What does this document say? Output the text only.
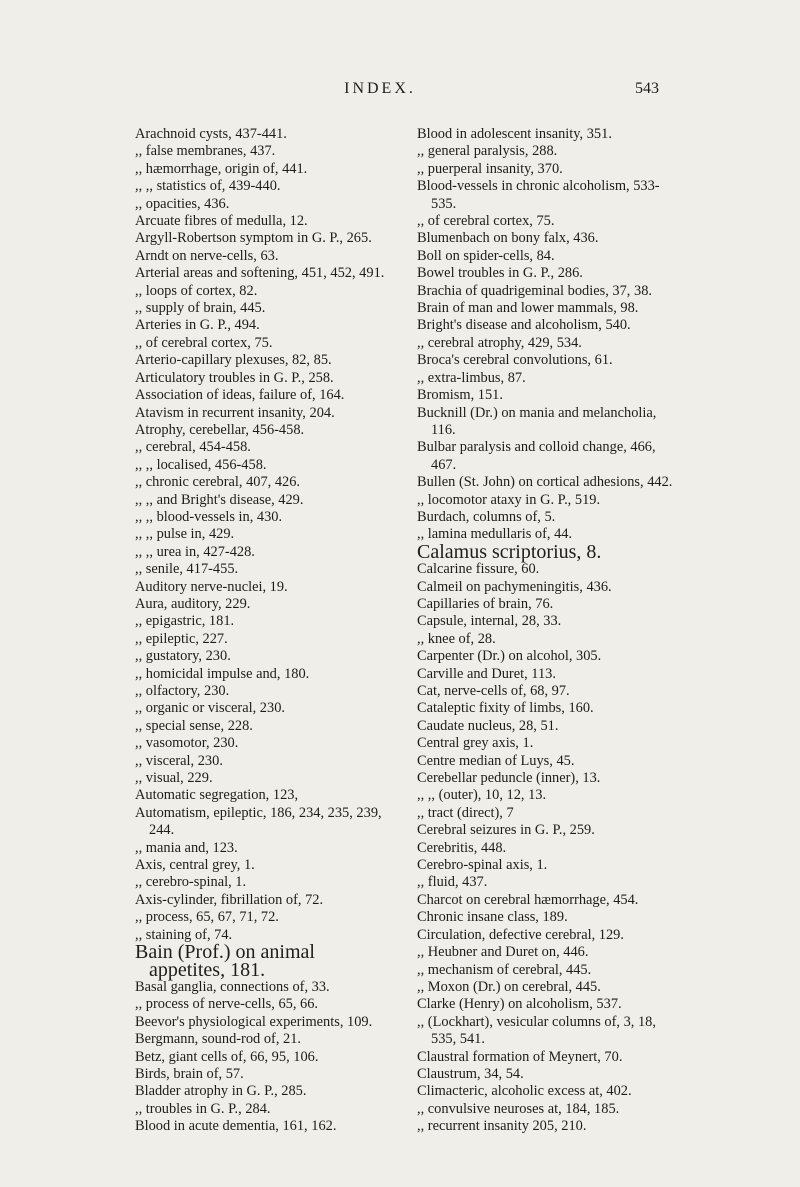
INDEX.	543
Arachnoid cysts, 437-441.
,, false membranes, 437.
,, hæmorrhage, origin of, 441.
,, ,, statistics of, 439-440.
,, opacities, 436.
Arcuate fibres of medulla, 12.
Argyll-Robertson symptom in G. P., 265.
Arndt on nerve-cells, 63.
Arterial areas and softening, 451, 452, 491.
,, loops of cortex, 82.
,, supply of brain, 445.
Arteries in G. P., 494.
,, of cerebral cortex, 75.
Arterio-capillary plexuses, 82, 85.
Articulatory troubles in G. P., 258.
Association of ideas, failure of, 164.
Atavism in recurrent insanity, 204.
Atrophy, cerebellar, 456-458.
,, cerebral, 454-458.
,, ,, localised, 456-458.
,, chronic cerebral, 407, 426.
,, ,, and Bright's disease, 429.
,, ,, blood-vessels in, 430.
,, ,, pulse in, 429.
,, ,, urea in, 427-428.
,, senile, 417-455.
Auditory nerve-nuclei, 19.
Aura, auditory, 229.
,, epigastric, 181.
,, epileptic, 227.
,, gustatory, 230.
,, homicidal impulse and, 180.
,, olfactory, 230.
,, organic or visceral, 230.
,, special sense, 228.
,, vasomotor, 230.
,, visceral, 230.
,, visual, 229.
Automatic segregation, 123,
Automatism, epileptic, 186, 234, 235, 239, 244.
,, mania and, 123.
Axis, central grey, 1.
,, cerebro-spinal, 1.
Axis-cylinder, fibrillation of, 72.
,, process, 65, 67, 71, 72.
,, staining of, 74.
Bain (Prof.) on animal appetites, 181.
Basal ganglia, connections of, 33.
,, process of nerve-cells, 65, 66.
Beevor's physiological experiments, 109.
Bergmann, sound-rod of, 21.
Betz, giant cells of, 66, 95, 106.
Birds, brain of, 57.
Bladder atrophy in G. P., 285.
,, troubles in G. P., 284.
Blood in acute dementia, 161, 162.
Blood in adolescent insanity, 351.
,, general paralysis, 288.
,, puerperal insanity, 370.
Blood-vessels in chronic alcoholism, 533-535.
,, of cerebral cortex, 75.
Blumenbach on bony falx, 436.
Boll on spider-cells, 84.
Bowel troubles in G. P., 286.
Brachia of quadrigeminal bodies, 37, 38.
Brain of man and lower mammals, 98.
Bright's disease and alcoholism, 540.
,, cerebral atrophy, 429, 534.
Broca's cerebral convolutions, 61.
,, extra-limbus, 87.
Bromism, 151.
Bucknill (Dr.) on mania and melancholia, 116.
Bulbar paralysis and colloid change, 466, 467.
Bullen (St. John) on cortical adhesions, 442.
,, locomotor ataxy in G. P., 519.
Burdach, columns of, 5.
,, lamina medullaris of, 44.
Calamus scriptorius, 8.
Calcarine fissure, 60.
Calmeil on pachymeningitis, 436.
Capillaries of brain, 76.
Capsule, internal, 28, 33.
,, knee of, 28.
Carpenter (Dr.) on alcohol, 305.
Carville and Duret, 113.
Cat, nerve-cells of, 68, 97.
Cataleptic fixity of limbs, 160.
Caudate nucleus, 28, 51.
Central grey axis, 1.
Centre median of Luys, 45.
Cerebellar peduncle (inner), 13.
,, ,, (outer), 10, 12, 13.
,, tract (direct), 7
Cerebral seizures in G. P., 259.
Cerebritis, 448.
Cerebro-spinal axis, 1.
,, fluid, 437.
Charcot on cerebral hæmorrhage, 454.
Chronic insane class, 189.
Circulation, defective cerebral, 129.
,, Heubner and Duret on, 446.
,, mechanism of cerebral, 445.
,, Moxon (Dr.) on cerebral, 445.
Clarke (Henry) on alcoholism, 537.
,, (Lockhart), vesicular columns of, 3, 18, 535, 541.
Claustral formation of Meynert, 70.
Claustrum, 34, 54.
Climacteric, alcoholic excess at, 402.
,, convulsive neuroses at, 184, 185.
,, recurrent insanity 205, 210.
